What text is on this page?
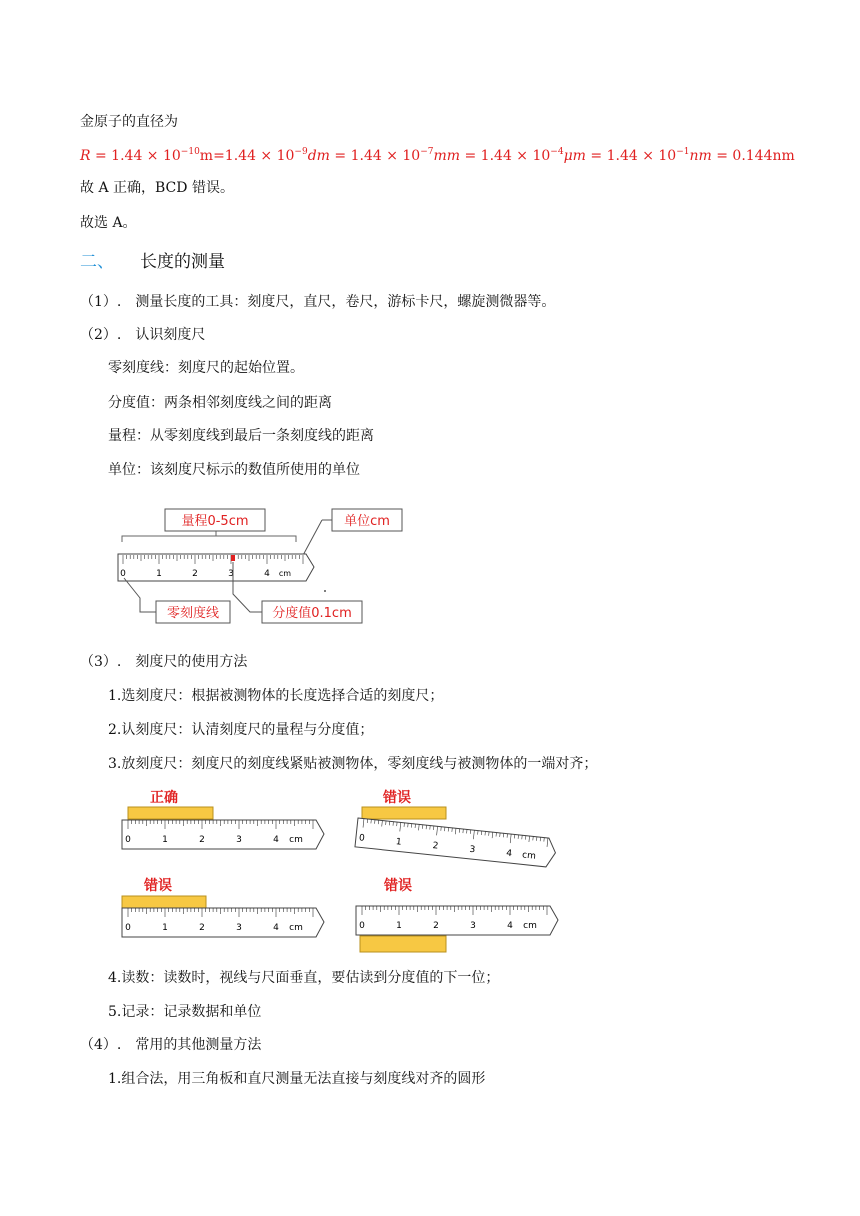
金原子的直径为
$R = 1.44 \times 10^{-10}m=1.44 \times 10^{-9}dm = 1.44 \times 10^{-7}mm = 1.44 \times 10^{-4}\mu m = 1.44 \times 10^{-1}nm = 0.144nm$
故 A 正确，BCD 错误。
故选 A。
二、 长度的测量
（1）.　测量长度的工具：刻度尺，直尺，卷尺，游标卡尺，螺旋测微器等。
（2）.　认识刻度尺
零刻度线：刻度尺的起始位置。
分度值：两条相邻刻度线之间的距离
量程：从零刻度线到最后一条刻度线的距离
单位：该刻度尺标示的数值所使用的单位
量程0-5cm	单位cm
0	1	2	3	4 cm
零刻度线	分度值0.1cm
（3）.　刻度尺的使用方法
1.选刻度尺：根据被测物体的长度选择合适的刻度尺；
2.认刻度尺：认清刻度尺的量程与分度值；
3.放刻度尺：刻度尺的刻度线紧贴被测物体，零刻度线与被测物体的一端对齐；
正确
0	1	2	3	4 cm
错误
0	1	2	3	4 cm
错误
0	1	2	3	4 cm
错误
0	1	2	3	4 cm
4.读数：读数时，视线与尺面垂直，要估读到分度值的下一位；
5.记录：记录数据和单位
（4）.　常用的其他测量方法
1.组合法，用三角板和直尺测量无法直接与刻度线对齐的圆形
